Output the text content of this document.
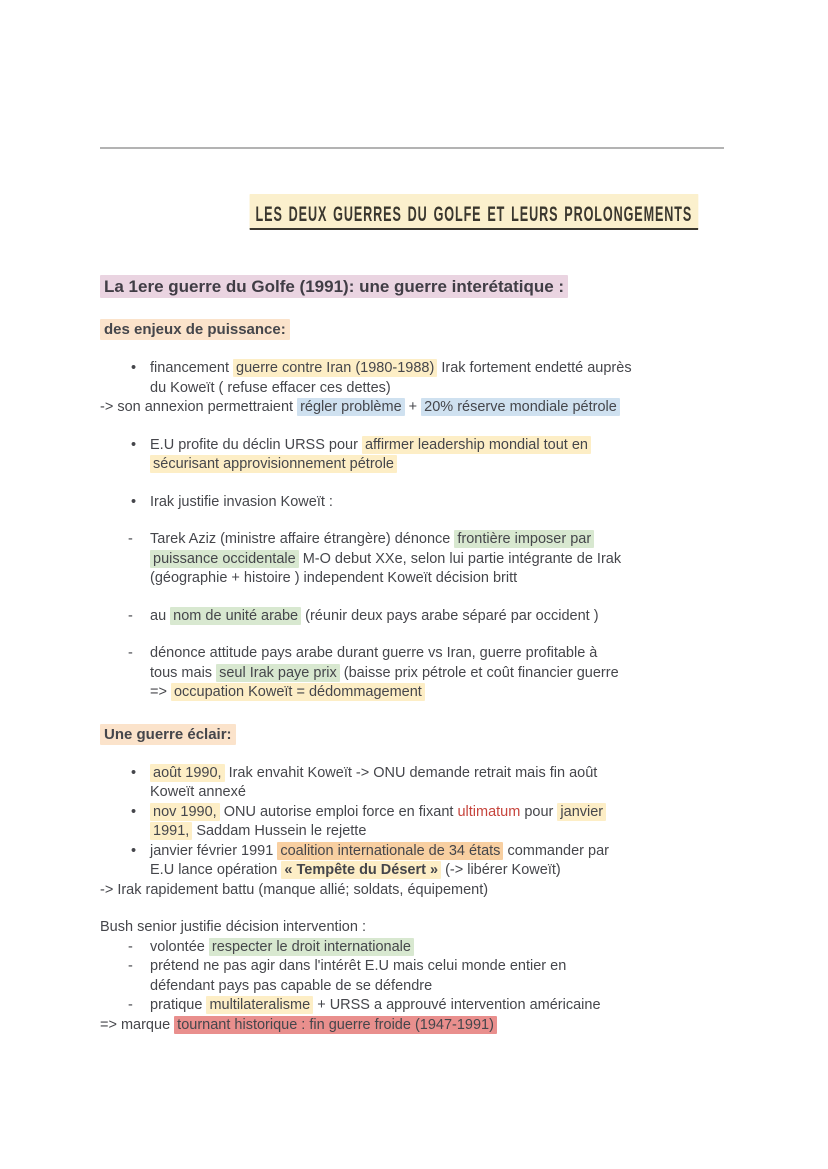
les deux guerres du golfe et leurs prolongements
La 1ere guerre du Golfe (1991): une guerre interétatique :
des enjeux de puissance:
• financement guerre contre Iran (1980-1988) Irak fortement endetté auprès
du Koweït ( refuse effacer ces dettes)
-> son annexion permettraient régler problème + 20% réserve mondiale pétrole
• E.U profite du déclin URSS pour affirmer leadership mondial tout en
sécurisant approvisionnement pétrole
• Irak justifie invasion Koweït :
-	Tarek Aziz (ministre affaire étrangère) dénonce frontière imposer par
puissance occidentale M-O debut XXe, selon lui partie intégrante de Irak
(géographie + histoire ) independent Koweït décision britt
-	au nom de unité arabe (réunir deux pays arabe séparé par occident )
-	dénonce attitude pays arabe durant guerre vs Iran, guerre profitable à
tous mais seul Irak paye prix (baisse prix pétrole et coût financier guerre
=> occupation Koweït = dédommagement
Une guerre éclair:
•	août 1990, Irak envahit Koweït -> ONU demande retrait mais fin août
Koweït annexé
•	nov 1990, ONU autorise emploi force en fixant ultimatum pour janvier
1991, Saddam Hussein le rejette
• janvier février 1991 coalition internationale de 34 états commander par
E.U lance opération « Tempête du Désert » (-> libérer Koweït)
-> Irak rapidement battu (manque allié; soldats, équipement)
Bush senior justifie décision intervention :
-	volontée respecter le droit internationale
-	prétend ne pas agir dans l'intérêt E.U mais celui monde entier en
défendant pays pas capable de se défendre
-	pratique multilateralisme + URSS a approuvé intervention américaine
=> marque tournant historique : fin guerre froide (1947-1991)
